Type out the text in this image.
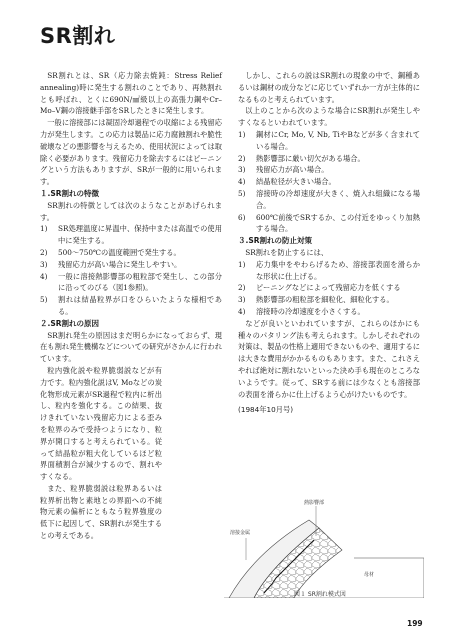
SR割れ

SR割れとは、SR（応力除去焼鈍：Stress Relief annealing)時に発生する割れのことであり、再熱割れとも呼ばれ、とくに690N/㎟級以上の高張力鋼やCr–Mo–V鋼の溶接継手部をSRしたときに発生します。

一般に溶接部には凝固冷却過程での収縮による残留応力が発生します。この応力は製品に応力腐蝕割れや脆性破壊などの悪影響を与えるため、使用状況によっては取除く必要があります。残留応力を除去するにはピーニングという方法もありますが、SRが一般的に用いられます。

１.SR割れの特徴

SR割れの特徴としては次のようなことがあげられます。

1)	SR処理温度に昇温中、保持中または高温での使用中に発生する。
2)	500〜750℃の温度範囲で発生する。
3)	残留応力が高い場合に発生しやすい。
4)	一般に溶接熱影響部の粗粒部で発生し、この部分に沿ってのびる（図1参照)。
5)	割れは結晶粒界が口をひらいたような様相である。
２.SR割れの原因

SR割れ発生の原因はまだ明らかになっておらず、現在も割れ発生機構などについての研究がさかんに行われています。

粒内強化説や粒界脆弱説などが有力です。粒内強化説はV, Moなどの炭化物形成元素がSR過程で粒内に析出し、粒内を強化する。この結果、抜けきれていない残留応力による歪みを粒界のみで受持つようになり、粒界が開口すると考えられている。従って結晶粒が粗大化しているほど粒界面積割合が減少するので、割れやすくなる。

また、粒界脆弱説は粒界あるいは粒界析出物と素地との界面への不純物元素の偏析にともなう粒界強度の低下に起因して、SR割れが発生するとの考えである。

しかし、これらの説はSR割れの現象の中で、鋼種あるいは鋼材の成分などに応じていずれか一方が主体的になるものと考えられています。

以上のことから次のような場合にSR割れが発生しやすくなるといわれています。

1)	鋼材にCr, Mo, V, Nb, TiやBなどが多く含まれている場合。
2)	熱影響部に厳い切欠がある場合。
3)	残留応力が高い場合。
4)	結晶粒径が大きい場合。
5)	溶接時の冷却速度が大きく、焼入れ組織になる場合。
6)	600℃前後でSRするか、この付近をゆっくり加熱する場合。
３.SR割れの防止対策

SR割れを防止するには、

1)	応力集中をやわらげるため、溶接部表面を滑らかな形状に仕上げる。
2)	ピーニングなどによって残留応力を低くする
3)	熱影響部の粗粒部を細粒化、細粒化する。
4)	溶接時の冷却速度を小さくする。

などが良いといわれていますが、これらのほかにも種々のパタリング法も考えられます。しかしそれぞれの対策は、製品の性格上適用できないものや、適用するには大きな費用がかかるものもあります。また、これさえやれば絶対に割れないといった決め手も現在のところないようです。従って、SRする前には少なくとも溶接部の表面を滑らかに仕上げるよう心がけたいものです。

(1984年10月号)

熱影響部
溶接金属
母材
図１ SR割れ模式図
199
